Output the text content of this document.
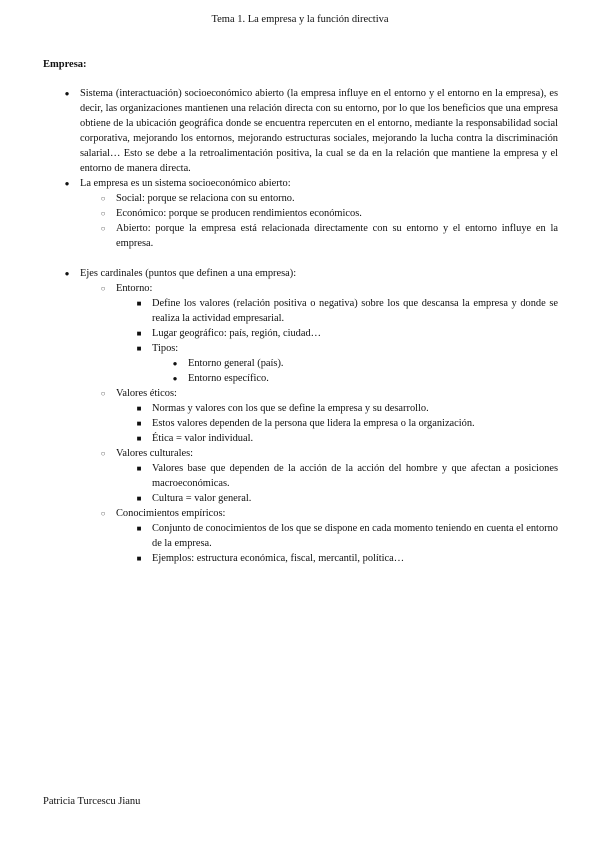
Tema 1. La empresa y la función directiva
Empresa:
● Sistema (interactuación) socioeconómico abierto (la empresa influye en el entorno y el entorno en la empresa), es decir, las organizaciones mantienen una relación directa con su entorno, por lo que los beneficios que una empresa obtiene de la ubicación geográfica donde se encuentra repercuten en el entorno, mediante la responsabilidad social corporativa, mejorando los entornos, mejorando estructuras sociales, mejorando la lucha contra la discriminación salarial… Esto se debe a la retroalimentación positiva, la cual se da en la relación que mantiene la empresa y el entorno de manera directa.
● La empresa es un sistema socioeconómico abierto:
○ Social: porque se relaciona con su entorno.
○ Económico: porque se producen rendimientos económicos.
○ Abierto: porque la empresa está relacionada directamente con su entorno y el entorno influye en la empresa.
● Ejes cardinales (puntos que definen a una empresa):
○ Entorno:
■ Define los valores (relación positiva o negativa) sobre los que descansa la empresa y donde se realiza la actividad empresarial.
■ Lugar geográfico: país, región, ciudad…
■ Tipos:
● Entorno general (país).
● Entorno específico.
○ Valores éticos:
■ Normas y valores con los que se define la empresa y su desarrollo.
■ Estos valores dependen de la persona que lidera la empresa o la organización.
■ Ética = valor individual.
○ Valores culturales:
■ Valores base que dependen de la acción de la acción del hombre y que afectan a posiciones macroeconómicas.
■ Cultura = valor general.
○ Conocimientos empíricos:
■ Conjunto de conocimientos de los que se dispone en cada momento teniendo en cuenta el entorno de la empresa.
■ Ejemplos: estructura económica, fiscal, mercantil, política…
Patricia Turcescu Jianu
